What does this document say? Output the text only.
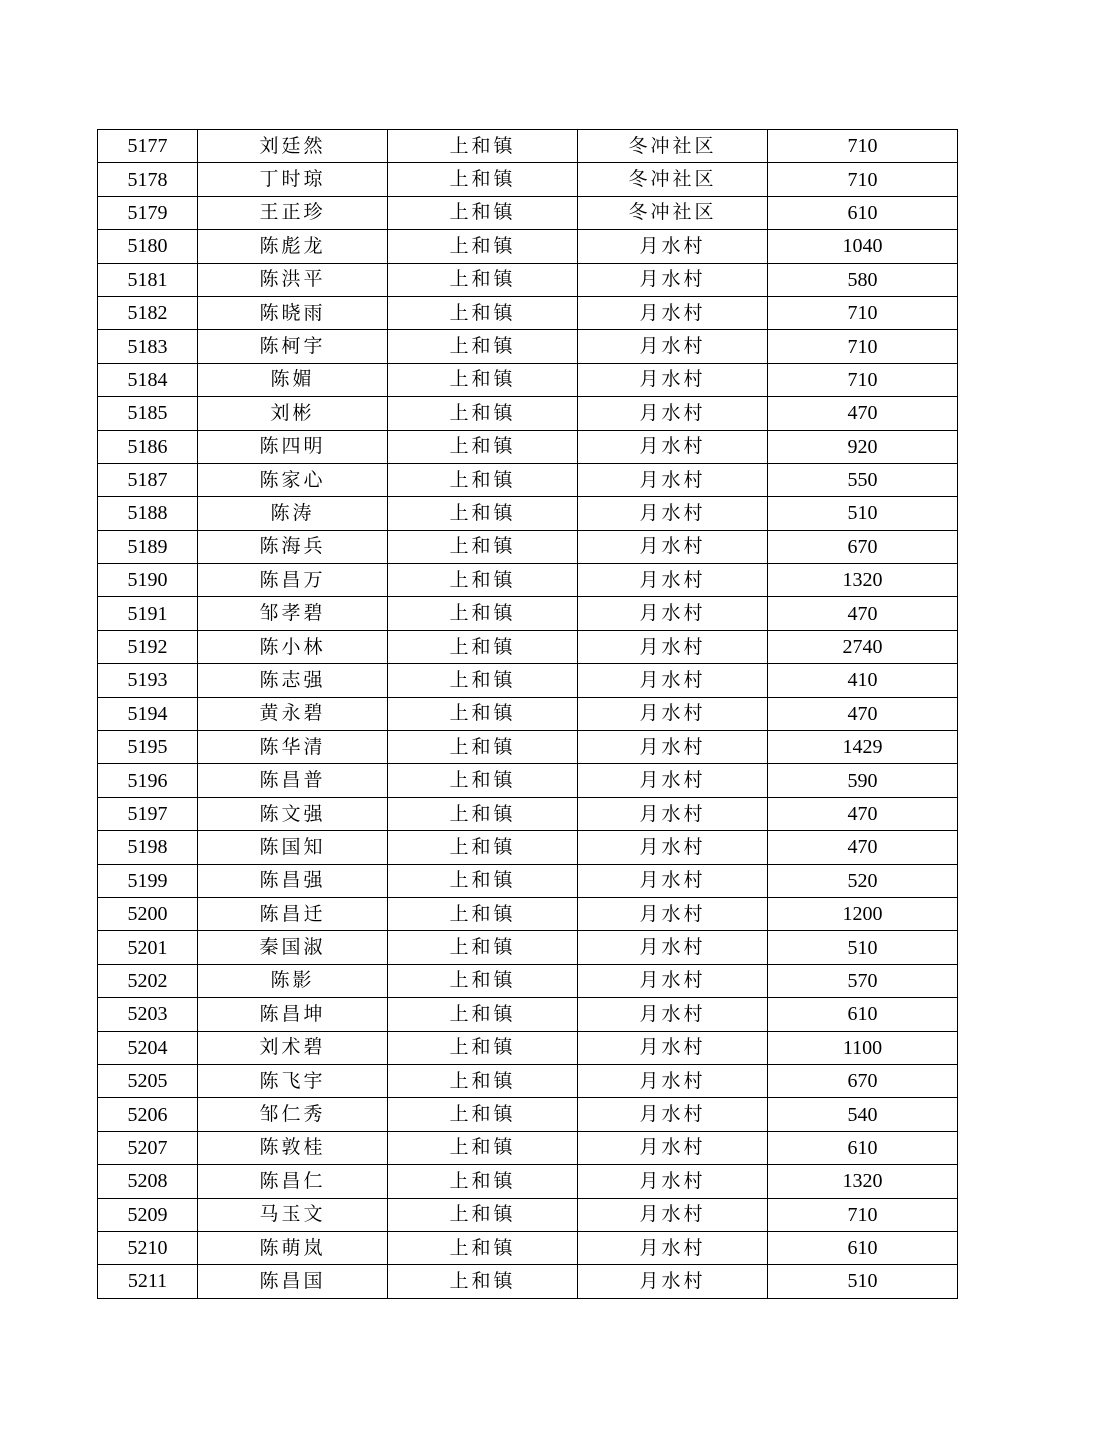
5177	刘廷然	上和镇	冬冲社区	710
5178	丁时琼	上和镇	冬冲社区	710
5179	王正珍	上和镇	冬冲社区	610
5180	陈彪龙	上和镇	月水村	1040
5181	陈洪平	上和镇	月水村	580
5182	陈晓雨	上和镇	月水村	710
5183	陈柯宇	上和镇	月水村	710
5184	陈媚	上和镇	月水村	710
5185	刘彬	上和镇	月水村	470
5186	陈四明	上和镇	月水村	920
5187	陈家心	上和镇	月水村	550
5188	陈涛	上和镇	月水村	510
5189	陈海兵	上和镇	月水村	670
5190	陈昌万	上和镇	月水村	1320
5191	邹孝碧	上和镇	月水村	470
5192	陈小林	上和镇	月水村	2740
5193	陈志强	上和镇	月水村	410
5194	黄永碧	上和镇	月水村	470
5195	陈华清	上和镇	月水村	1429
5196	陈昌普	上和镇	月水村	590
5197	陈文强	上和镇	月水村	470
5198	陈国知	上和镇	月水村	470
5199	陈昌强	上和镇	月水村	520
5200	陈昌迁	上和镇	月水村	1200
5201	秦国淑	上和镇	月水村	510
5202	陈影	上和镇	月水村	570
5203	陈昌坤	上和镇	月水村	610
5204	刘术碧	上和镇	月水村	1100
5205	陈飞宇	上和镇	月水村	670
5206	邹仁秀	上和镇	月水村	540
5207	陈敦桂	上和镇	月水村	610
5208	陈昌仁	上和镇	月水村	1320
5209	马玉文	上和镇	月水村	710
5210	陈萌岚	上和镇	月水村	610
5211	陈昌国	上和镇	月水村	510
